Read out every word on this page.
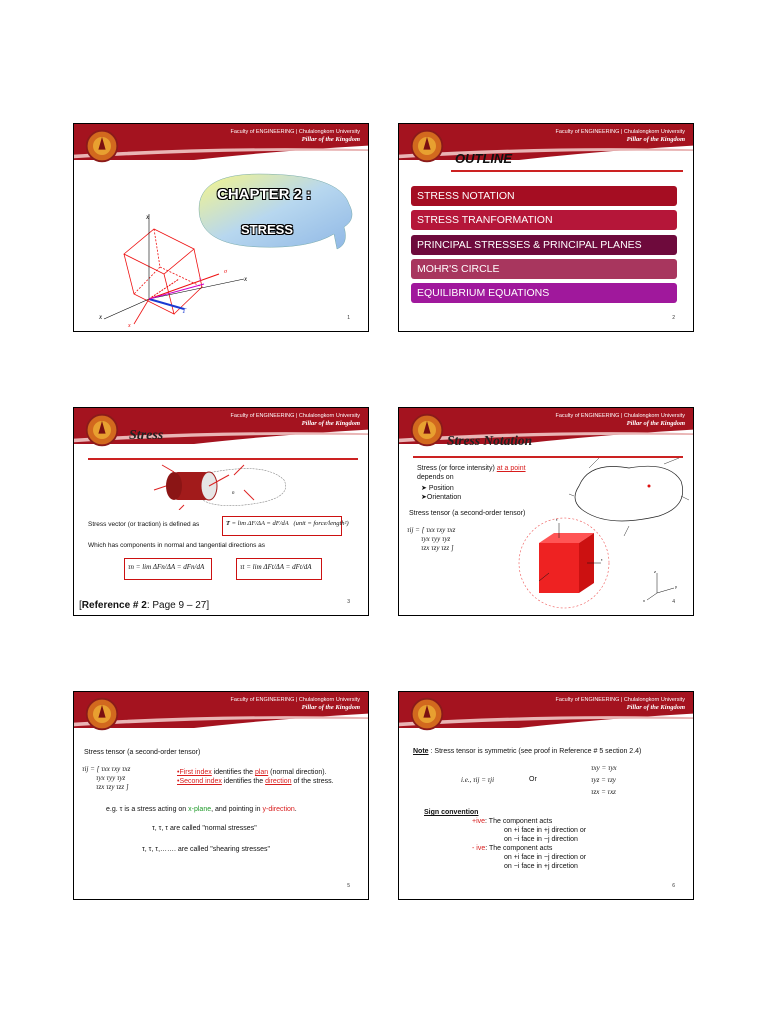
Faculty of ENGINEERING | Chulalongkorn University
Pillar of the Kingdom
CHAPTER 2 :
STRESS
x
x
x
σ
τ
T
x
1
Faculty of ENGINEERING | Chulalongkorn University
Pillar of the Kingdom
OUTLINE
STRESS NOTATION
STRESS TRANFORMATION
PRINCIPAL STRESSES & PRINCIPAL PLANES
MOHR'S CIRCLE
EQUILIBRIUM EQUATIONS
2
Faculty of ENGINEERING | Chulalongkorn University
Pillar of the Kingdom
Stress
n
Stress vector (or traction) is defined as	T = lim ΔF/ΔA = dF/dA   (unit = force/length²)
Which has components in normal and tangential directions as
τn = lim ΔFn/ΔA = dFn/dA	τt = lim ΔFt/ΔA = dFt/dA
[Reference # 2: Page 9 – 27]	3
Faculty of ENGINEERING | Chulalongkorn University
Pillar of the Kingdom
Stress Notation
Stress (or force intensity) at a point
depends on
➤ Position
➤Orientation
Stress tensor (a second-order tensor)
τij = [ τxx τxy τxz
τyx τyy τyz
τzx τzy τzz ]
τ
τ
z
y
x	4
Faculty of ENGINEERING | Chulalongkorn University
Pillar of the Kingdom
Stress tensor (a second-order tensor)
τij = [ τxx τxy τxz
τyx τyy τyz
τzx τzy τzz ]
•First index identifies the plan (normal direction).
•Second index identifies the direction of the stress.
e.g. τ is a stress acting on x-plane, and pointing in y-direction.
τ, τ, τ are called "normal stresses"
τ, τ, τ,……. are called "shearing stresses"
5
Faculty of ENGINEERING | Chulalongkorn University
Pillar of the Kingdom
Note : Stress tensor is symmetric (see proof in Reference # 5 section 2.4)
τxy = τyx
i.e., τij = τji	Or	τyz = τzy
τzx = τxz
Sign convention
+ive: The component acts
on +i face in +j direction or
on −i face in −j direction
- ive: The component acts
on +i face in −j direction or
on −i face in +j dircetion
6
